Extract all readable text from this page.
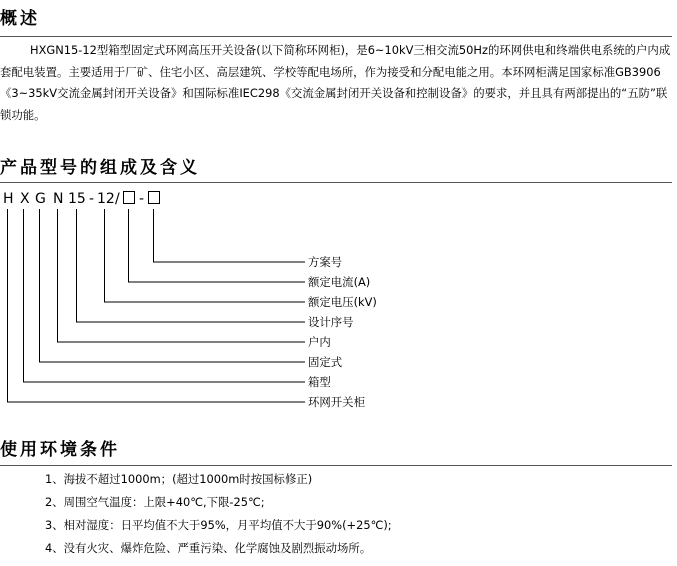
概述

HXGN15-12型箱型固定式环网高压开关设备(以下简称环网柜)，是6~10kV三相交流50Hz的环网供电和终端供电系统的户内成套配电装置。主要适用于厂矿、住宅小区、高层建筑、学校等配电场所，作为接受和分配电能之用。本环网柜满足国家标准GB3906《3~35kV交流金属封闭开关设备》和国际标准IEC298《交流金属封闭开关设备和控制设备》的要求，并且具有两部提出的“五防”联锁功能。

产品型号的组成及含义
H X G N 15 - 12 / -
方案号
额定电流(A)
额定电压(kV)
设计序号
户内
固定式
箱型
环网开关柜
使用环境条件
1、海拔不超过1000m；(超过1000m时按国标修正)
2、周围空气温度：上限+40℃,下限-25℃;
3、相对湿度：日平均值不大于95%，月平均值不大于90%(+25℃);
4、没有火灾、爆炸危险、严重污染、化学腐蚀及剧烈振动场所。
